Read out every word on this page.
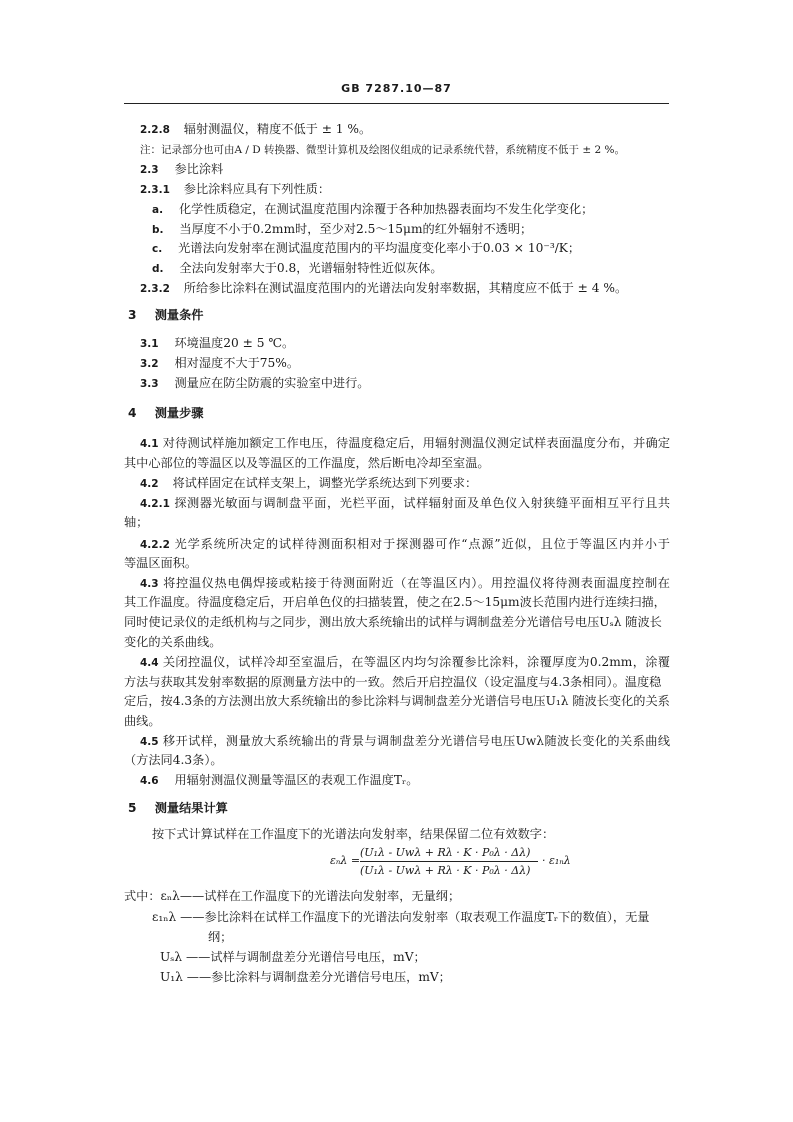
GB 7287.10—87
2.2.8 辐射测温仪，精度不低于 ± 1 %。
注：记录部分也可由A / D 转换器、微型计算机及绘图仪组成的记录系统代替，系统精度不低于 ± 2 %。
2.3 参比涂料
2.3.1 参比涂料应具有下列性质：
a. 化学性质稳定，在测试温度范围内涂覆于各种加热器表面均不发生化学变化；
b. 当厚度不小于0.2mm时，至少对2.5～15μm的红外辐射不透明；
c. 光谱法向发射率在测试温度范围内的平均温度变化率小于0.03 × 10⁻³/K；
d. 全法向发射率大于0.8，光谱辐射特性近似灰体。
2.3.2 所给参比涂料在测试温度范围内的光谱法向发射率数据，其精度应不低于 ± 4 %。
3 测量条件
3.1 环境温度20 ± 5 ℃。
3.2 相对湿度不大于75%。
3.3 测量应在防尘防震的实验室中进行。
4 测量步骤
4.1 对待测试样施加额定工作电压，待温度稳定后，用辐射测温仪测定试样表面温度分布，并确定
其中心部位的等温区以及等温区的工作温度，然后断电冷却至室温。
4.2 将试样固定在试样支架上，调整光学系统达到下列要求：
4.2.1 探测器光敏面与调制盘平面，光栏平面，试样辐射面及单色仪入射狭缝平面相互平行且共
轴；
4.2.2 光学系统所决定的试样待测面积相对于探测器可作“点源”近似，且位于等温区内并小于
等温区面积。
4.3 将控温仪热电偶焊接或粘接于待测面附近（在等温区内）。用控温仪将待测表面温度控制在
其工作温度。待温度稳定后，开启单色仪的扫描装置，使之在2.5～15μm波长范围内进行连续扫描，
同时使记录仪的走纸机构与之同步，测出放大系统输出的试样与调制盘差分光谱信号电压Uₛλ 随波长
变化的关系曲线。
4.4 关闭控温仪，试样冷却至室温后，在等温区内均匀涂覆参比涂料，涂覆厚度为0.2mm，涂覆
方法与获取其发射率数据的原测量方法中的一致。然后开启控温仪（设定温度与4.3条相同）。温度稳
定后，按4.3条的方法测出放大系统输出的参比涂料与调制盘差分光谱信号电压U₁λ 随波长变化的关系
曲线。
4.5 移开试样，测量放大系统输出的背景与调制盘差分光谱信号电压Uwλ随波长变化的关系曲线
（方法同4.3条）。
4.6 用辐射测温仪测量等温区的表观工作温度Tᵣ。
5 测量结果计算
按下式计算试样在工作温度下的光谱法向发射率，结果保留二位有效数字：
εₙλ =
(U₁λ - Uwλ + Rλ · K · P₀λ · Δλ)
(U₁λ - Uwλ + Rλ · K · P₀λ · Δλ)
· ε₁ₙλ
式中：εₙλ——试样在工作温度下的光谱法向发射率，无量纲；
ε₁ₙλ ——参比涂料在试样工作温度下的光谱法向发射率（取表观工作温度Tᵣ下的数值），无量
纲；
Uₛλ ——试样与调制盘差分光谱信号电压，mV；
U₁λ ——参比涂料与调制盘差分光谱信号电压，mV；
